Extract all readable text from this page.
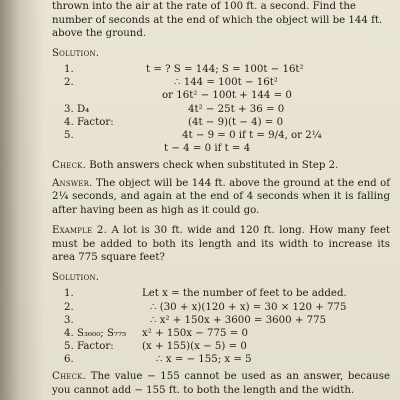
thrown into the air at the rate of 100 ft. a second. Find the

number of seconds at the end of which the object will be 144 ft.

above the ground.

Solution.
1.	t = ? S = 144; S = 100t − 16t²
2.	∴ 144 = 100t − 16t²
or 16t² − 100t + 144 = 0
3. D₄	4t² − 25t + 36 = 0
4. Factor:	(4t − 9)(t − 4) = 0
5.	4t − 9 = 0 if t = 9/4, or 2¼
t − 4 = 0 if t = 4

Check. Both answers check when substituted in Step 2.

Answer. The object will be 144 ft. above the ground at the end of 2¼ seconds, and again at the end of 4 seconds when it is falling after having been as high as it could go.

Example 2. A lot is 30 ft. wide and 120 ft. long. How many feet must be added to both its length and its width to increase its area 775 square feet?

Solution.
1.	Let x = the number of feet to be added.
2.	∴ (30 + x)(120 + x) = 30 × 120 + 775
3.	∴ x² + 150x + 3600 = 3600 + 775
4. S₃₆₀₀; S₇₇₅	x² + 150x − 775 = 0
5. Factor:	(x + 155)(x − 5) = 0
6.	∴ x = − 155; x = 5

Check. The value − 155 cannot be used as an answer, because you cannot add − 155 ft. to both the length and the width.
